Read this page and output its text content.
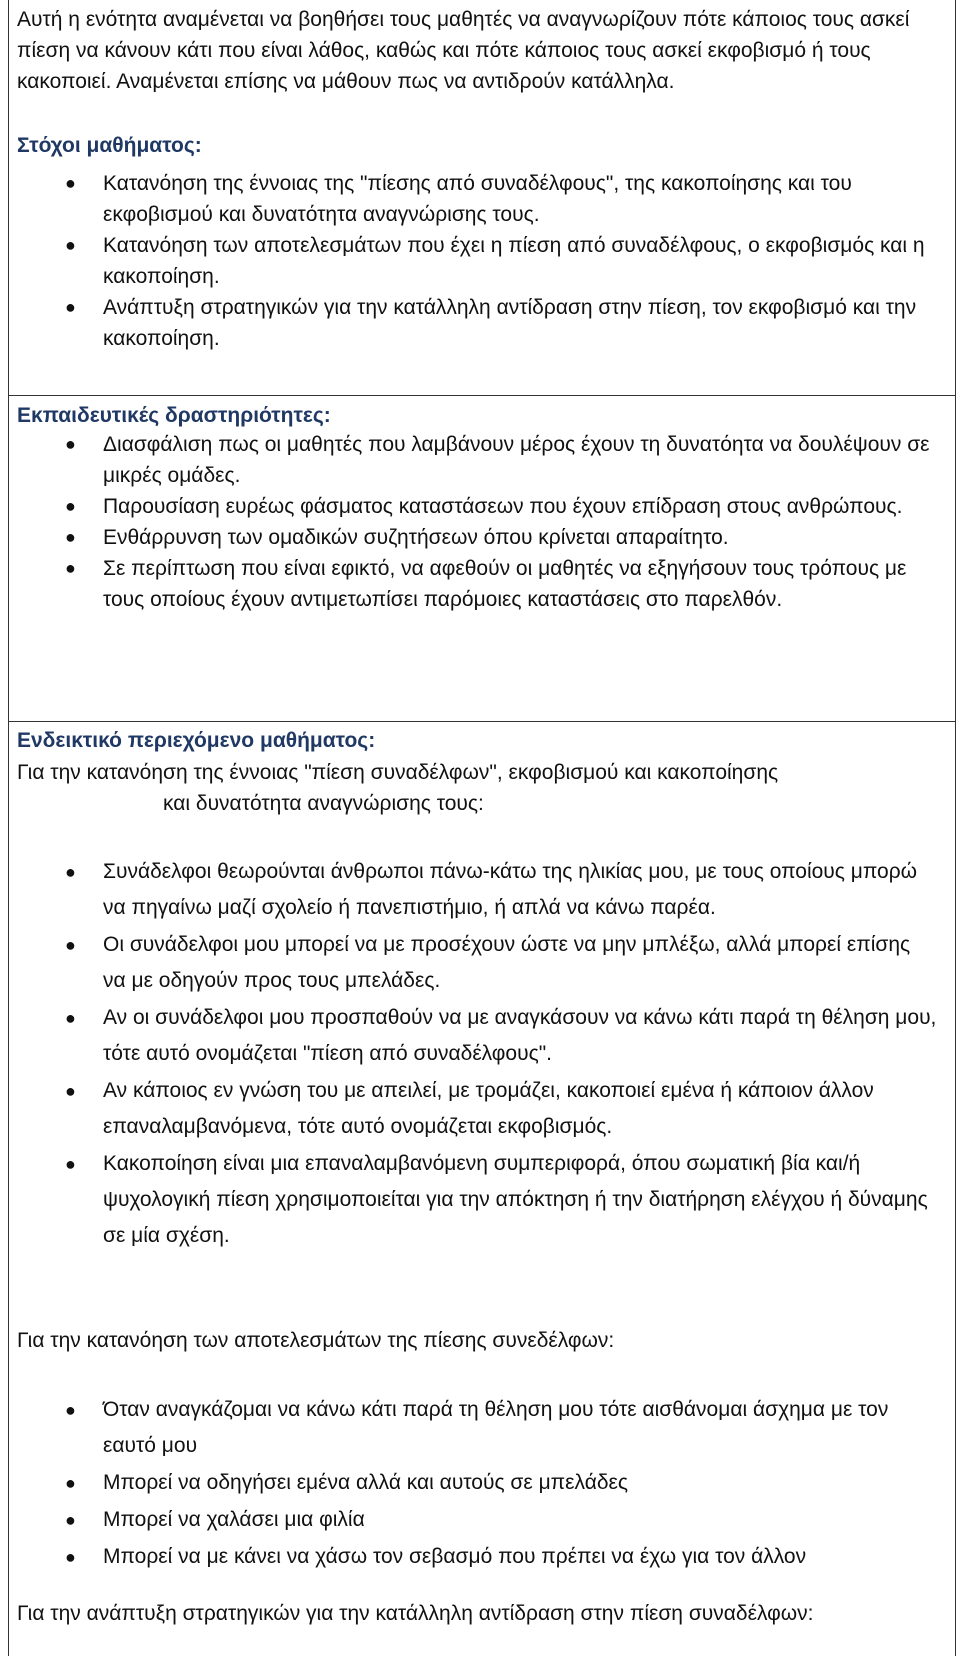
Αυτή η ενότητα αναμένεται να βοηθήσει τους μαθητές να αναγνωρίζουν πότε κάποιος τους ασκεί πίεση να κάνουν κάτι που είναι λάθος, καθώς και πότε κάποιος τους ασκεί εκφοβισμό ή τους κακοποιεί. Αναμένεται επίσης να μάθουν πως να αντιδρούν κατάλληλα.
Στόχοι μαθήματος:
● Κατανόηση της έννοιας της "πίεσης από συναδέλφους", της κακοποίησης και του εκφοβισμού και δυνατότητα αναγνώρισης τους.
● Κατανόηση των αποτελεσμάτων που έχει η πίεση από συναδέλφους, ο εκφοβισμός και η κακοποίηση.
● Ανάπτυξη στρατηγικών για την κατάλληλη αντίδραση στην πίεση, τον εκφοβισμό και την κακοποίηση.
Εκπαιδευτικές δραστηριότητες:
● Διασφάλιση πως οι μαθητές που λαμβάνουν μέρος έχουν τη δυνατόητα να δουλέψουν σε μικρές ομάδες.
● Παρουσίαση ευρέως φάσματος καταστάσεων που έχουν επίδραση στους ανθρώπους.
● Ενθάρρυνση των ομαδικών συζητήσεων όπου κρίνεται απαραίτητο.
● Σε περίπτωση που είναι εφικτό, να αφεθούν οι μαθητές να εξηγήσουν τους τρόπους με τους οποίους έχουν αντιμετωπίσει παρόμοιες καταστάσεις στο παρελθόν.
Ενδεικτικό περιεχόμενο μαθήματος:
Για την κατανόηση της έννοιας "πίεση συναδέλφων", εκφοβισμού και κακοποίησης
και δυνατότητα αναγνώρισης τους:
● Συνάδελφοι θεωρούνται άνθρωποι πάνω-κάτω της ηλικίας μου, με τους οποίους μπορώ να πηγαίνω μαζί σχολείο ή πανεπιστήμιο, ή απλά να κάνω παρέα.
● Οι συνάδελφοι μου μπορεί να με προσέχουν ώστε να μην μπλέξω, αλλά μπορεί επίσης να με οδηγούν προς τους μπελάδες.
● Αν οι συνάδελφοι μου προσπαθούν να με αναγκάσουν να κάνω κάτι παρά τη θέληση μου, τότε αυτό ονομάζεται "πίεση από συναδέλφους".
● Αν κάποιος εν γνώση του με απειλεί, με τρομάζει, κακοποιεί εμένα ή κάποιον άλλον επαναλαμβανόμενα, τότε αυτό ονομάζεται εκφοβισμός.
● Κακοποίηση είναι μια επαναλαμβανόμενη συμπεριφορά, όπου σωματική βία και/ή ψυχολογική πίεση χρησιμοποιείται για την απόκτηση ή την διατήρηση ελέγχου ή δύναμης σε μία σχέση.
Για την κατανόηση των αποτελεσμάτων της πίεσης συνεδέλφων:
● Όταν αναγκάζομαι να κάνω κάτι παρά τη θέληση μου τότε αισθάνομαι άσχημα με τον εαυτό μου
● Μπορεί να οδηγήσει εμένα αλλά και αυτούς σε μπελάδες
● Μπορεί να χαλάσει μια φιλία
● Μπορεί να με κάνει να χάσω τον σεβασμό που πρέπει να έχω για τον άλλον
Για την ανάπτυξη στρατηγικών για την κατάλληλη αντίδραση στην πίεση συναδέλφων:
